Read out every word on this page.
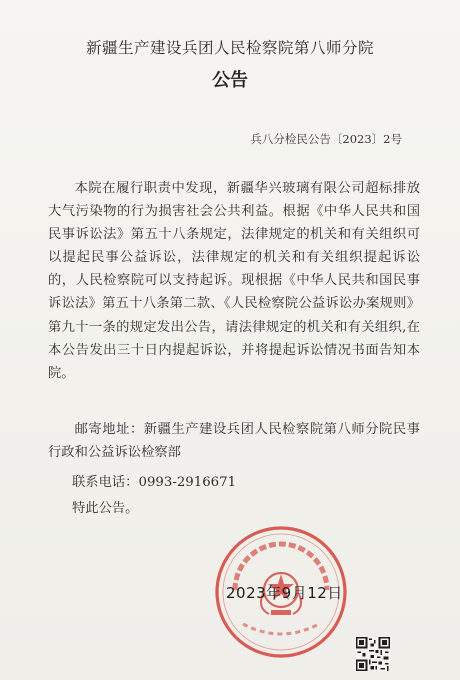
新疆生产建设兵团人民检察院第八师分院
公告
兵八分检民公告〔2023〕2号

本院在履行职责中发现，新疆华兴玻璃有限公司超标排放大气污染物的行为损害社会公共利益。根据《中华人民共和国民事诉讼法》第五十八条规定，法律规定的机关和有关组织可以提起民事公益诉讼，法律规定的机关和有关组织提起诉讼的，人民检察院可以支持起诉。现根据《中华人民共和国民事诉讼法》第五十八条第二款、《人民检察院公益诉讼办案规则》第九十一条的规定发出公告，请法律规定的机关和有关组织,在本公告发出三十日内提起诉讼，并将提起诉讼情况书面告知本院。

邮寄地址：新疆生产建设兵团人民检察院第八师分院民事行政和公益诉讼检察部
联系电话：0993-2916671
特此公告。
2023年9月12日
